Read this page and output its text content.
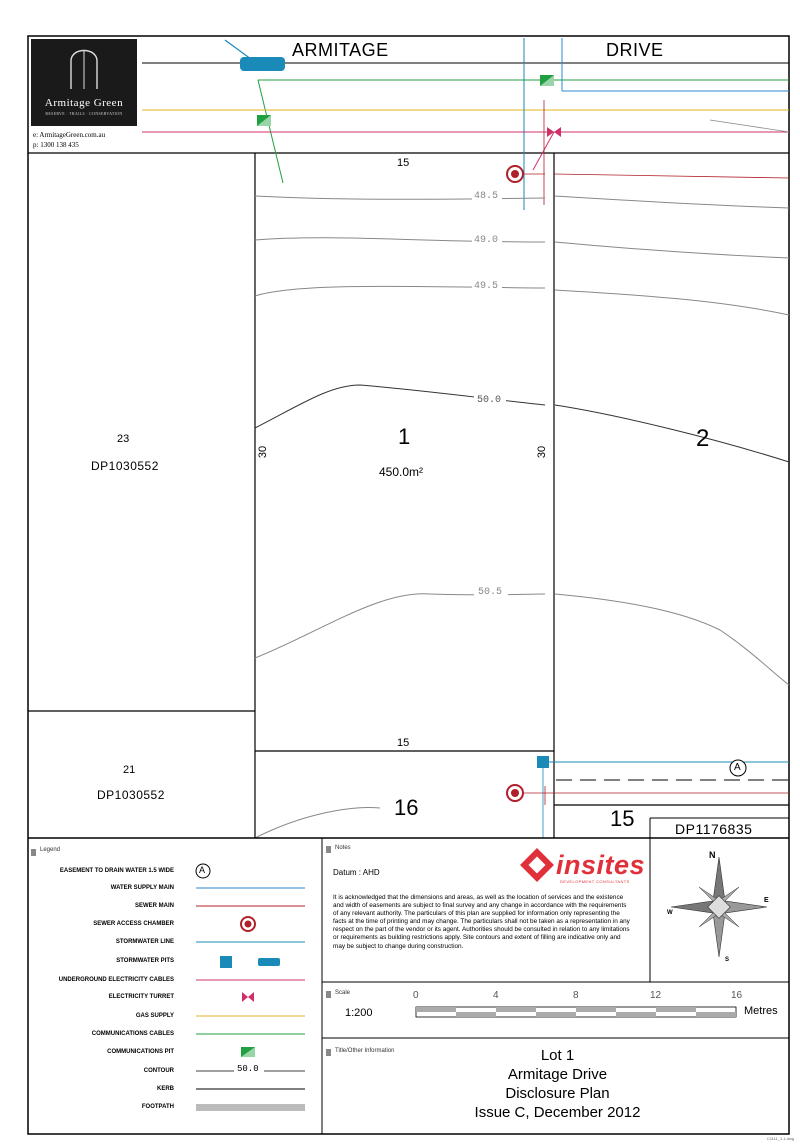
Armitage Green
RESERVE · TRAILS · CONSERVATION
e: ArmitageGreen.com.au
p: 1300 138 435
ARMITAGE	DRIVE
15
15
30	30
1
450.0m²
2
16	15
23
DP1030552
21
DP1030552
DP1176835
48.5
49.0
49.5
50.0
50.5
A
Legend
EASEMENT TO DRAIN WATER 1.5 WIDE	A
WATER SUPPLY MAIN
SEWER MAIN
SEWER ACCESS CHAMBER
STORMWATER LINE
STORMWATER PITS
UNDERGROUND ELECTRICITY CABLES
ELECTRICITY TURRET
GAS SUPPLY
COMMUNICATIONS CABLES
COMMUNICATIONS PIT
CONTOUR	50.0
KERB
FOOTPATH
Notes
Datum : AHD
It is acknowledged that the dimensions and areas, as well as the location of services and the existence and width of easements are subject to final survey and any change in accordance with the requirements of any relevant authority. The particulars of this plan are supplied for information only representing the facts at the time of printing and may change. The particulars shall not be taken as a representation in any respect on the part of the vendor or its agent. Authorities should be consulted in relation to any limitations or requirements as building restrictions apply. Site contours and extent of filling are indicative only and may be subject to change during construction.
insites
DEVELOPMENT CONSULTANTS
N
E
S
W
Scale
1:200
0	4	8	12	16
Metres
Title/Other Information	Lot 1
Armitage Drive
Disclosure Plan
Issue C, December 2012
C1111_1.1.dwg
